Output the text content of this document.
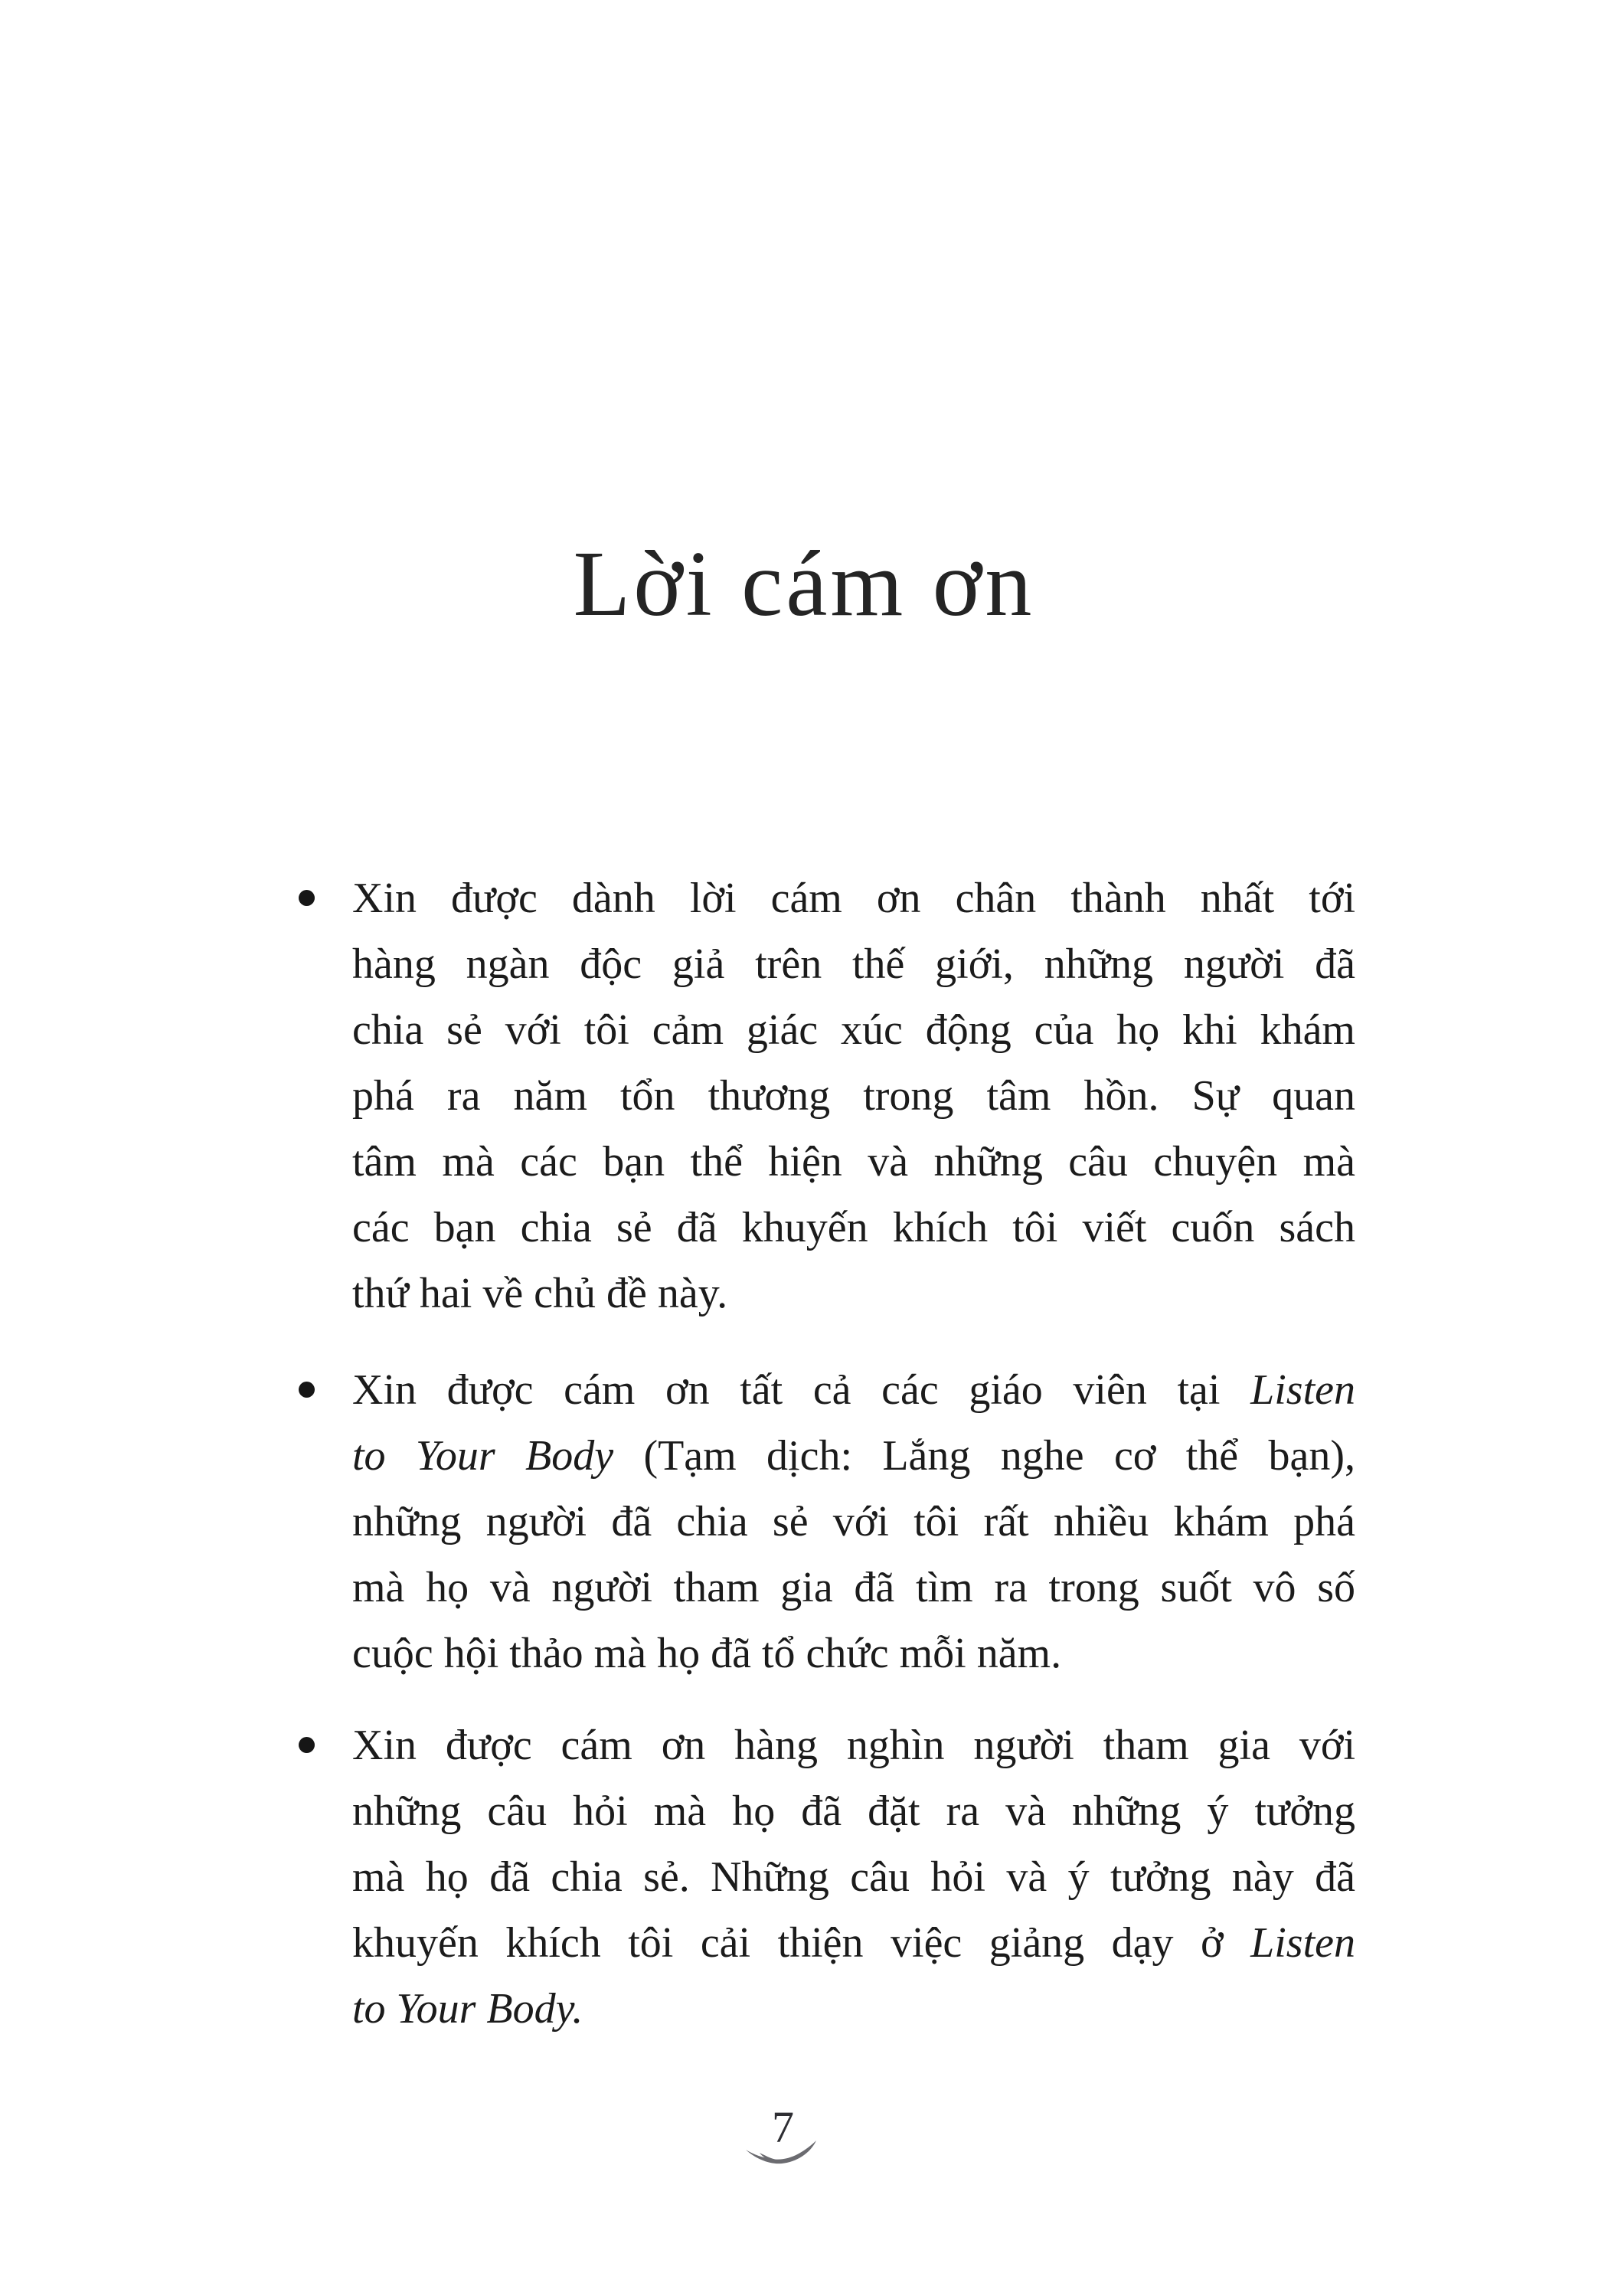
Lời cám ơn
Xin được dành lời cám ơn chân thành nhất tới
hàng ngàn độc giả trên thế giới, những người đã
chia sẻ với tôi cảm giác xúc động của họ khi khám
phá ra năm tổn thương trong tâm hồn. Sự quan
tâm mà các bạn thể hiện và những câu chuyện mà
các bạn chia sẻ đã khuyến khích tôi viết cuốn sách
thứ hai về chủ đề này.
Xin được cám ơn tất cả các giáo viên tại Listen
to Your Body (Tạm dịch: Lắng nghe cơ thể bạn),
những người đã chia sẻ với tôi rất nhiều khám phá
mà họ và người tham gia đã tìm ra trong suốt vô số
cuộc hội thảo mà họ đã tổ chức mỗi năm.
Xin được cám ơn hàng nghìn người tham gia với
những câu hỏi mà họ đã đặt ra và những ý tưởng
mà họ đã chia sẻ. Những câu hỏi và ý tưởng này đã
khuyến khích tôi cải thiện việc giảng dạy ở Listen
to Your Body.
7
